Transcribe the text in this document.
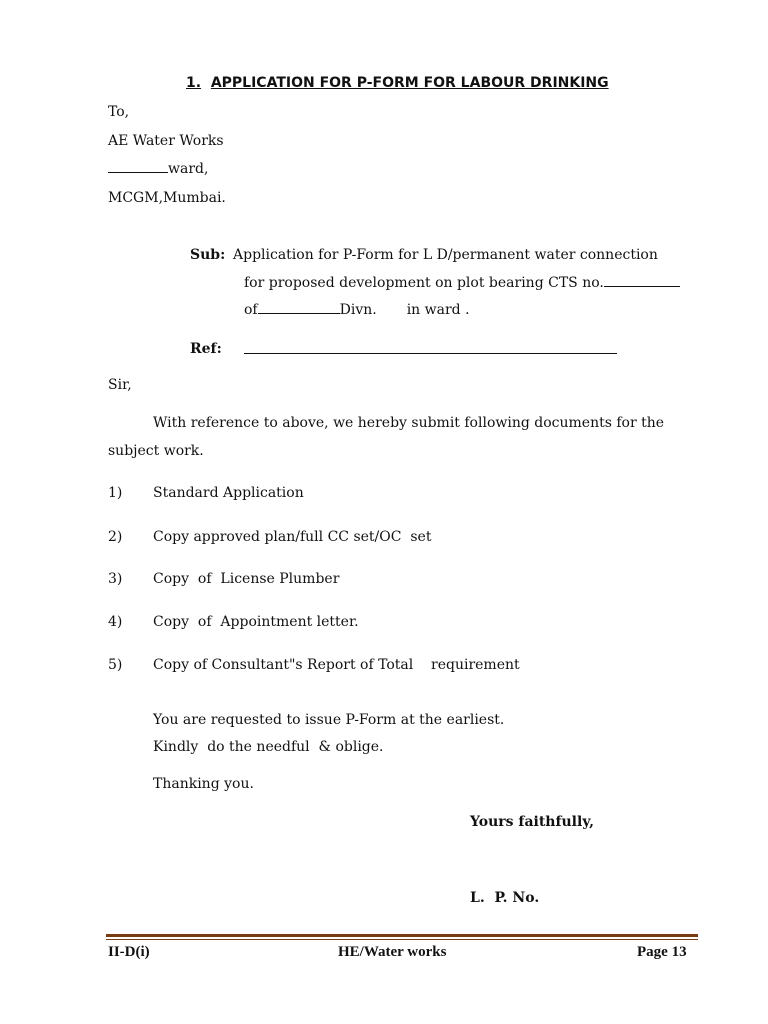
1. APPLICATION FOR P-FORM FOR LABOUR DRINKING
To,
AE Water Works
ward,
MCGM,Mumbai.
Sub: Application for P-Form for L D/permanent water connection
for proposed development on plot bearing CTS no.
of	Divn. in ward .
Ref:
Sir,
With reference to above, we hereby submit following documents for the
subject work.
1) Standard Application
2) Copy approved plan/full CC set/OC  set
3) Copy  of  License Plumber
4) Copy  of  Appointment letter.
5) Copy of Consultant"s Report of Total    requirement
You are requested to issue P-Form at the earliest.
Kindly  do the needful  & oblige.
Thanking you.
Yours faithfully,
L.  P. No.
II-D(i)	HE/Water works	Page 13
